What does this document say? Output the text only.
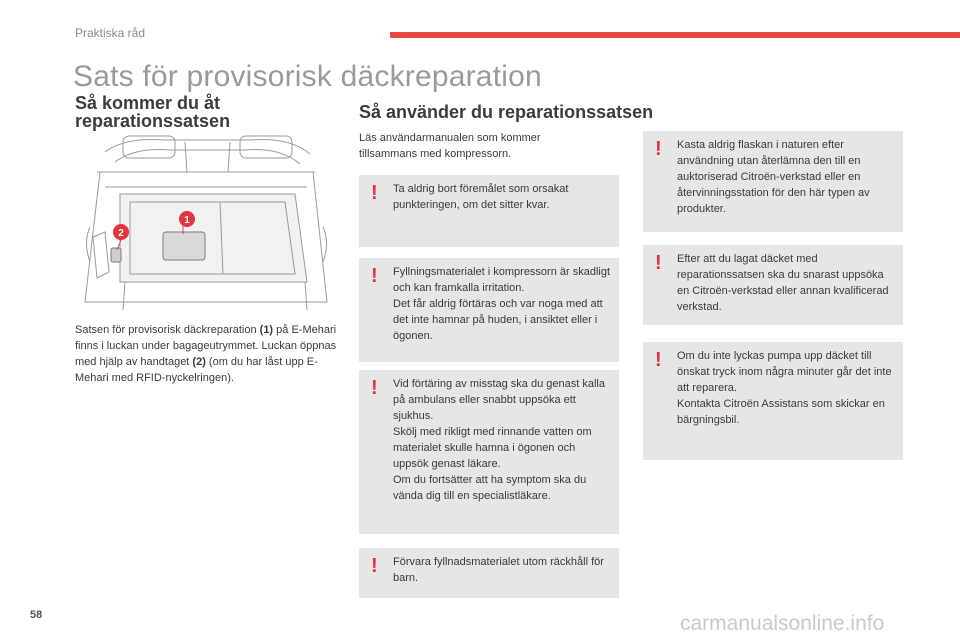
Praktiska råd
Sats för provisorisk däckreparation
Så kommer du åt
reparationssatsen
1
2
Satsen för provisorisk däckreparation (1) på E-Mehari finns i luckan under bagageutrymmet. Luckan öppnas med hjälp av handtaget (2) (om du har låst upp E-Mehari med RFID-nyckelringen).
Så använder du reparationssatsen
Läs användarmanualen som kommer tillsammans med kompressorn.
! Ta aldrig bort föremålet som orsakat punkteringen, om det sitter kvar.
! Fyllningsmaterialet i kompressorn är skadligt och kan framkalla irritation.
Det får aldrig förtäras och var noga med att det inte hamnar på huden, i ansiktet eller i ögonen.
! Vid förtäring av misstag ska du genast kalla på ambulans eller snabbt uppsöka ett sjukhus.
Skölj med rikligt med rinnande vatten om materialet skulle hamna i ögonen och uppsök genast läkare.
Om du fortsätter att ha symptom ska du vända dig till en specialistläkare.
! Förvara fyllnadsmaterialet utom räckhåll för barn.
! Kasta aldrig flaskan i naturen efter användning utan återlämna den till en auktoriserad Citroën-verkstad eller en återvinningsstation för den här typen av produkter.
! Efter att du lagat däcket med reparationssatsen ska du snarast uppsöka en Citroën-verkstad eller annan kvalificerad verkstad.
! Om du inte lyckas pumpa upp däcket till önskat tryck inom några minuter går det inte att reparera.
Kontakta Citroën Assistans som skickar en bärgningsbil.
58	carmanualsonline.info
